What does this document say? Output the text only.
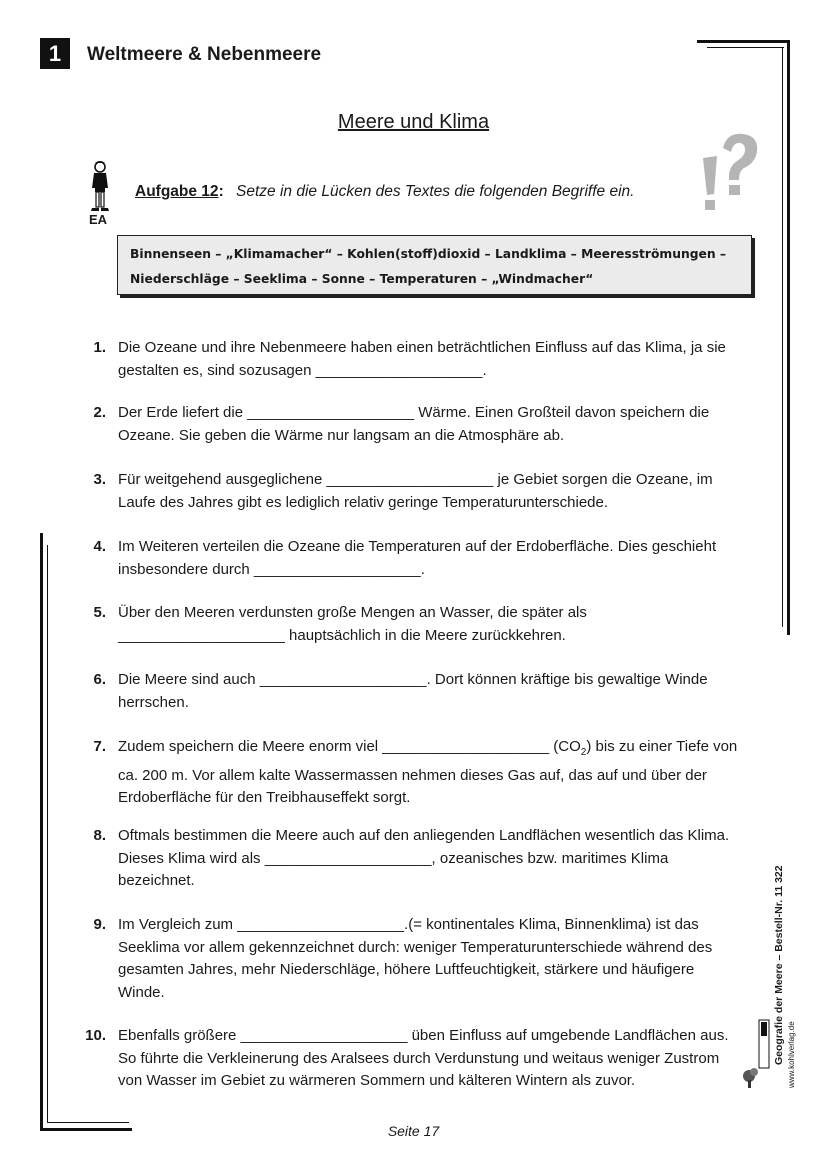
1	Weltmeere & Nebenmeere
Meere und Klima
EA
Aufgabe 12: Setze in die Lücken des Textes die folgenden Begriffe ein.
Binnenseen – „Klimamacher“ – Kohlen(stoff)dioxid – Landklima – Meeresströmungen –
Niederschläge – Seeklima – Sonne – Temperaturen – „Windmacher“
1. Die Ozeane und ihre Nebenmeere haben einen beträchtlichen Einfluss auf das Klima, ja sie gestalten es, sind sozusagen ____________________.
2. Der Erde liefert die ____________________ Wärme. Einen Großteil davon speichern die Ozeane. Sie geben die Wärme nur langsam an die Atmosphäre ab.
3. Für weitgehend ausgeglichene ____________________ je Gebiet sorgen die Ozeane, im Laufe des Jahres gibt es lediglich relativ geringe Temperaturunterschiede.
4. Im Weiteren verteilen die Ozeane die Temperaturen auf der Erdoberfläche. Dies geschieht insbesondere durch ____________________.
5. Über den Meeren verdunsten große Mengen an Wasser, die später als ____________________ hauptsächlich in die Meere zurückkehren.
6. Die Meere sind auch ____________________. Dort können kräftige bis gewaltige Winde herrschen.
7. Zudem speichern die Meere enorm viel ____________________ $(CO_2)$ bis zu einer Tiefe von ca. 200 m. Vor allem kalte Wassermassen nehmen dieses Gas auf, das auf und über der Erdoberfläche für den Treibhauseffekt sorgt.
8. Oftmals bestimmen die Meere auch auf den anliegenden Landflächen wesentlich das Klima. Dieses Klima wird als ____________________, ozeanisches bzw. maritimes Klima bezeichnet.
9. Im Vergleich zum ____________________.(= kontinentales Klima, Binnenklima) ist das Seeklima vor allem gekennzeichnet durch: weniger Temperaturunterschiede während des gesamten Jahres, mehr Niederschläge, höhere Luftfeuchtigkeit, stärkere und häufigere Winde.
10. Ebenfalls größere ____________________ üben Einfluss auf umgebende Landflächen aus. So führte die Verkleinerung des Aralsees durch Verdunstung und weitaus weniger Zustrom von Wasser im Gebiet zu wärmeren Sommern und kälteren Wintern als zuvor.
Geografie der Meere – Bestell-Nr. 11 322 www.kohlverlag.de
Seite 17
